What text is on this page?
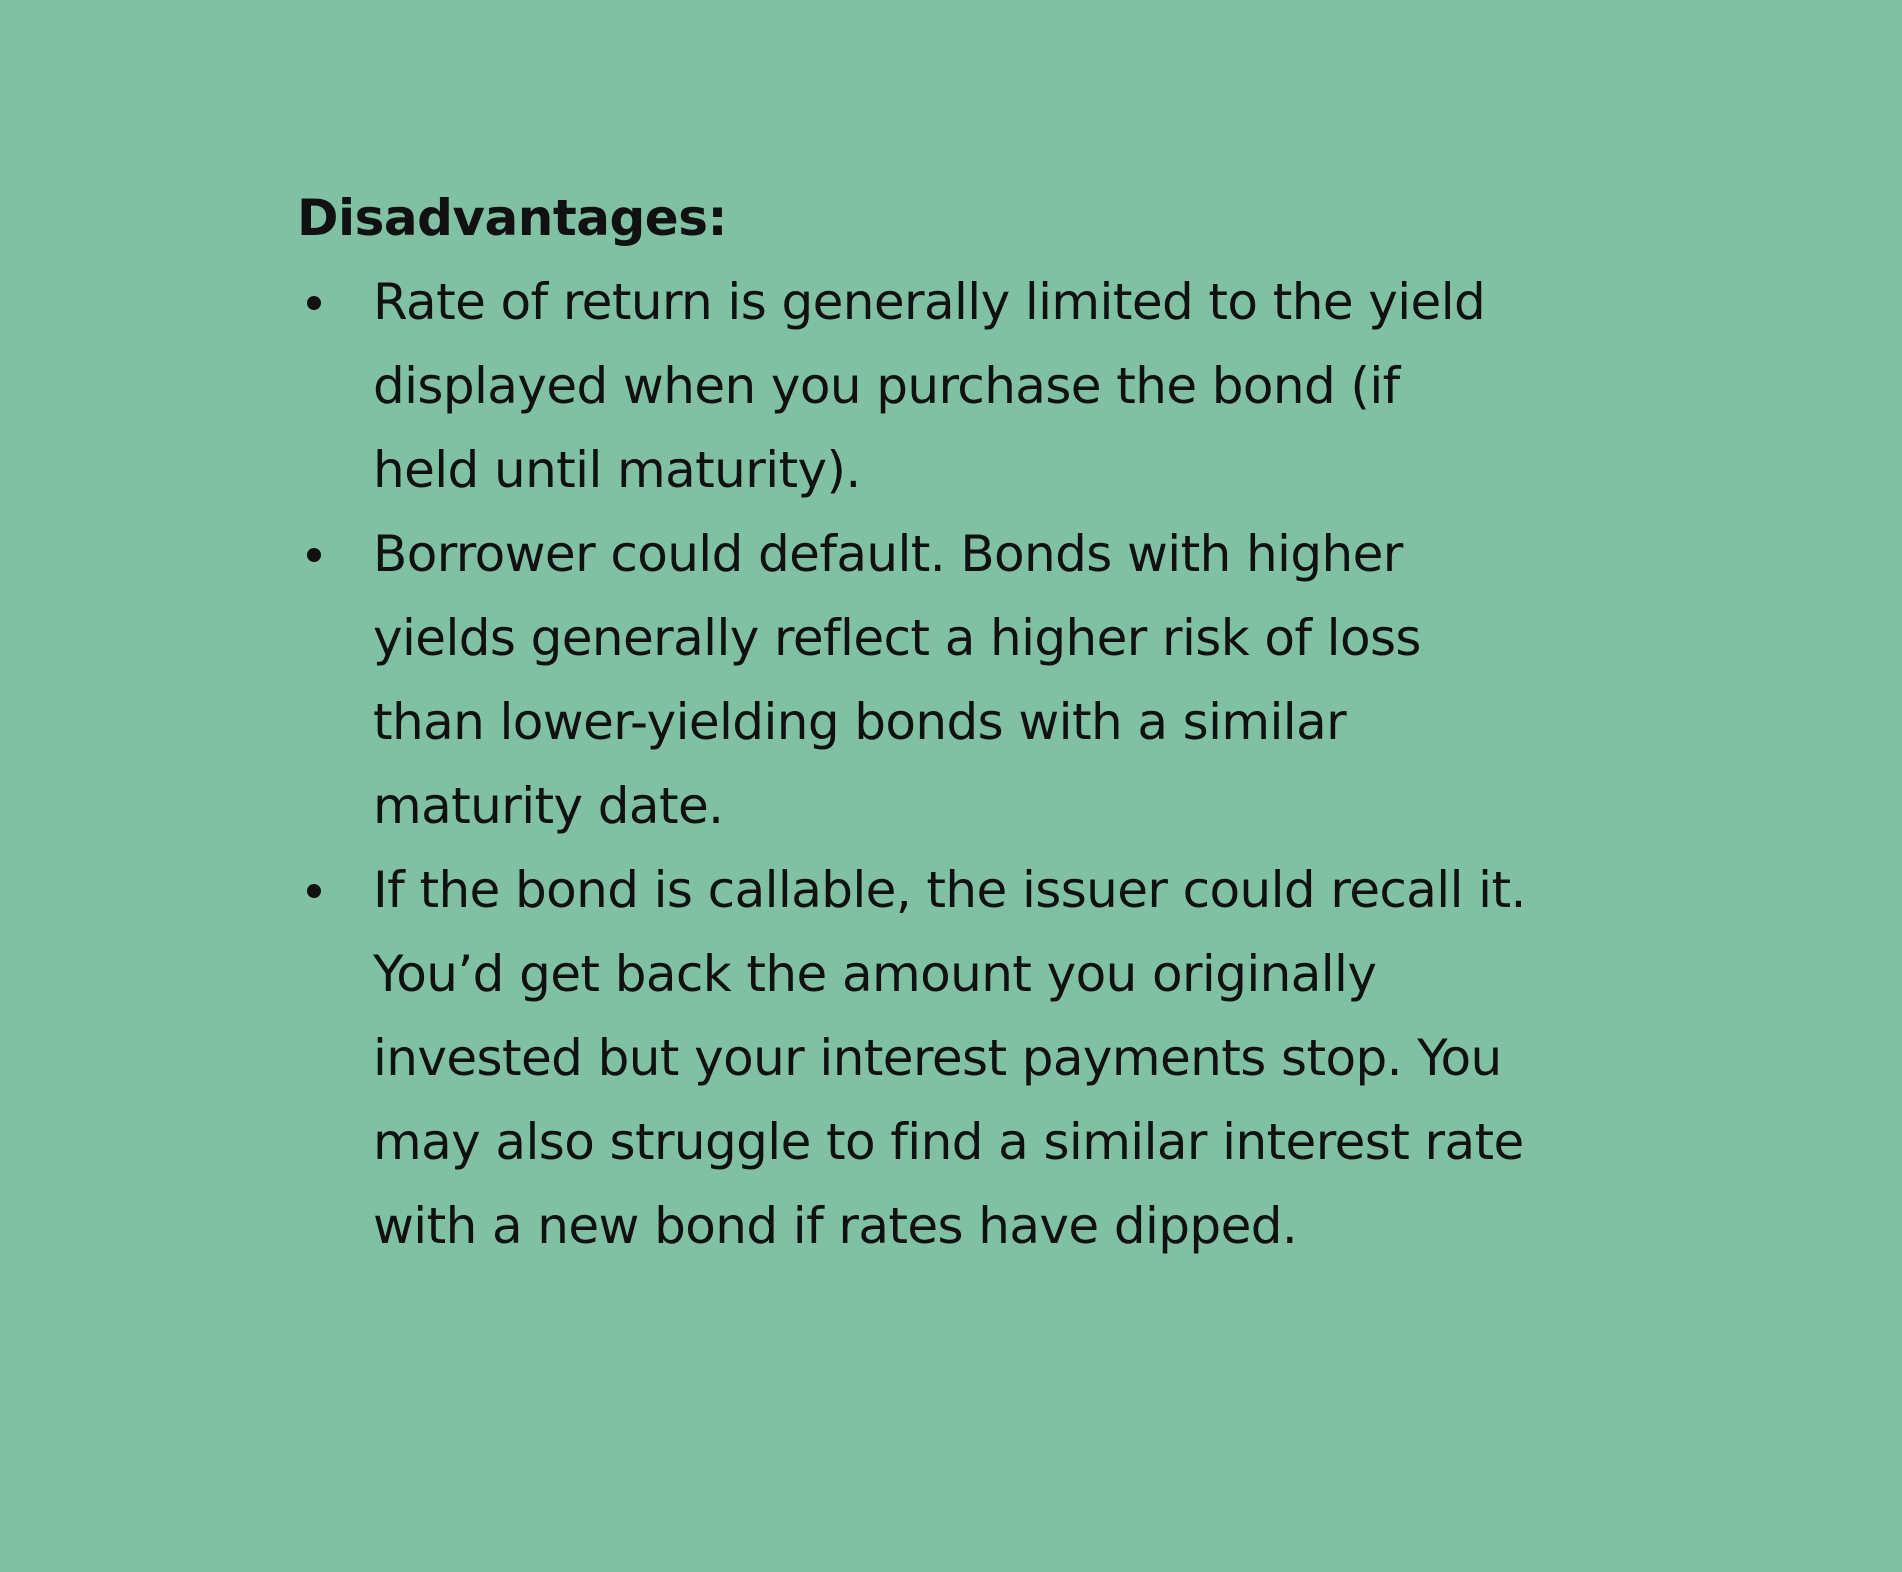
Disadvantages:
Rate of return is generally limited to the yield
displayed when you purchase the bond (if
held until maturity).
Borrower could default. Bonds with higher
yields generally reflect a higher risk of loss
than lower-yielding bonds with a similar
maturity date.
If the bond is callable, the issuer could recall it.
You’d get back the amount you originally
invested but your interest payments stop. You
may also struggle to find a similar interest rate
with a new bond if rates have dipped.
